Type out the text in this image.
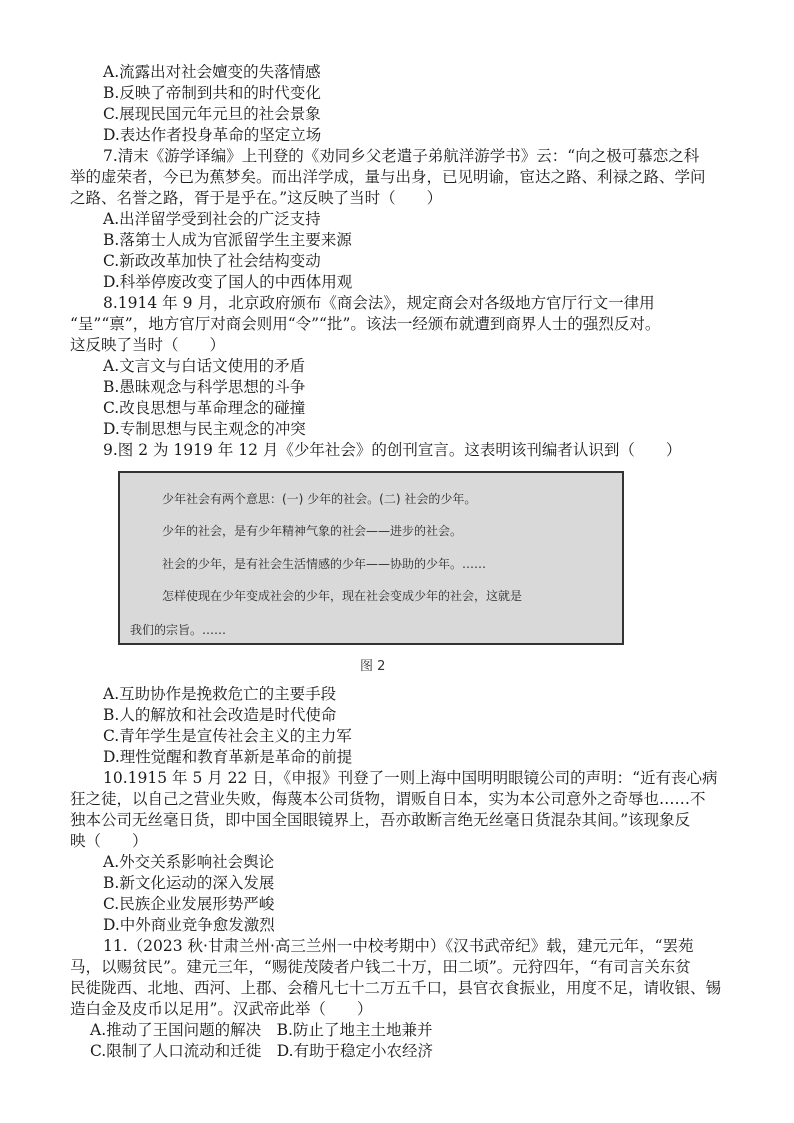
A.流露出对社会嬗变的失落情感
B.反映了帝制到共和的时代变化
C.展现民国元年元旦的社会景象
D.表达作者投身革命的坚定立场
7.清末《游学译编》上刊登的《劝同乡父老遣子弟航洋游学书》云：“向之极可慕恋之科
举的虚荣者，今已为蕉梦矣。而出洋学成，量与出身，已见明谕，宦达之路、利禄之路、学问
之路、名誉之路，胥于是乎在。”这反映了当时（　　）
A.出洋留学受到社会的广泛支持
B.落第士人成为官派留学生主要来源
C.新政改革加快了社会结构变动
D.科举停废改变了国人的中西体用观
8.1914 年 9 月，北京政府颁布《商会法》，规定商会对各级地方官厅行文一律用
“呈”“禀”，地方官厅对商会则用“令”“批”。该法一经颁布就遭到商界人士的强烈反对。
这反映了当时（　　）
A.文言文与白话文使用的矛盾
B.愚昧观念与科学思想的斗争
C.改良思想与革命理念的碰撞
D.专制思想与民主观念的冲突
9.图 2 为 1919 年 12 月《少年社会》的创刊宣言。这表明该刊编者认识到（　　）
少年社会有两个意思：(一) 少年的社会。(二) 社会的少年。
少年的社会，是有少年精神气象的社会——进步的社会。
社会的少年，是有社会生活情感的少年——协助的少年。……
怎样使现在少年变成社会的少年，现在社会变成少年的社会，这就是
我们的宗旨。……
图 2
A.互助协作是挽救危亡的主要手段
B.人的解放和社会改造是时代使命
C.青年学生是宣传社会主义的主力军
D.理性觉醒和教育革新是革命的前提
10.1915 年 5 月 22 日，《申报》刊登了一则上海中国明明眼镜公司的声明：“近有丧心病
狂之徒，以自己之营业失败，侮蔑本公司货物，谓贩自日本，实为本公司意外之奇辱也……不
独本公司无丝毫日货，即中国全国眼镜界上，吾亦敢断言绝无丝毫日货混杂其间。”该现象反
映（　　）
A.外交关系影响社会舆论
B.新文化运动的深入发展
C.民族企业发展形势严峻
D.中外商业竞争愈发激烈
11.（2023 秋·甘肃兰州·高三兰州一中校考期中）《汉书武帝纪》载，建元元年，“罢苑
马，以赐贫民”。建元三年，“赐徙茂陵者户钱二十万，田二顷”。元狩四年，“有司言关东贫
民徙陇西、北地、西河、上郡、会稽凡七十二万五千口，县官衣食振业，用度不足，请收银、锡
造白金及皮币以足用”。汉武帝此举（　　）
A.推动了王国问题的解决　B.防止了地主土地兼并
C.限制了人口流动和迁徙　D.有助于稳定小农经济
